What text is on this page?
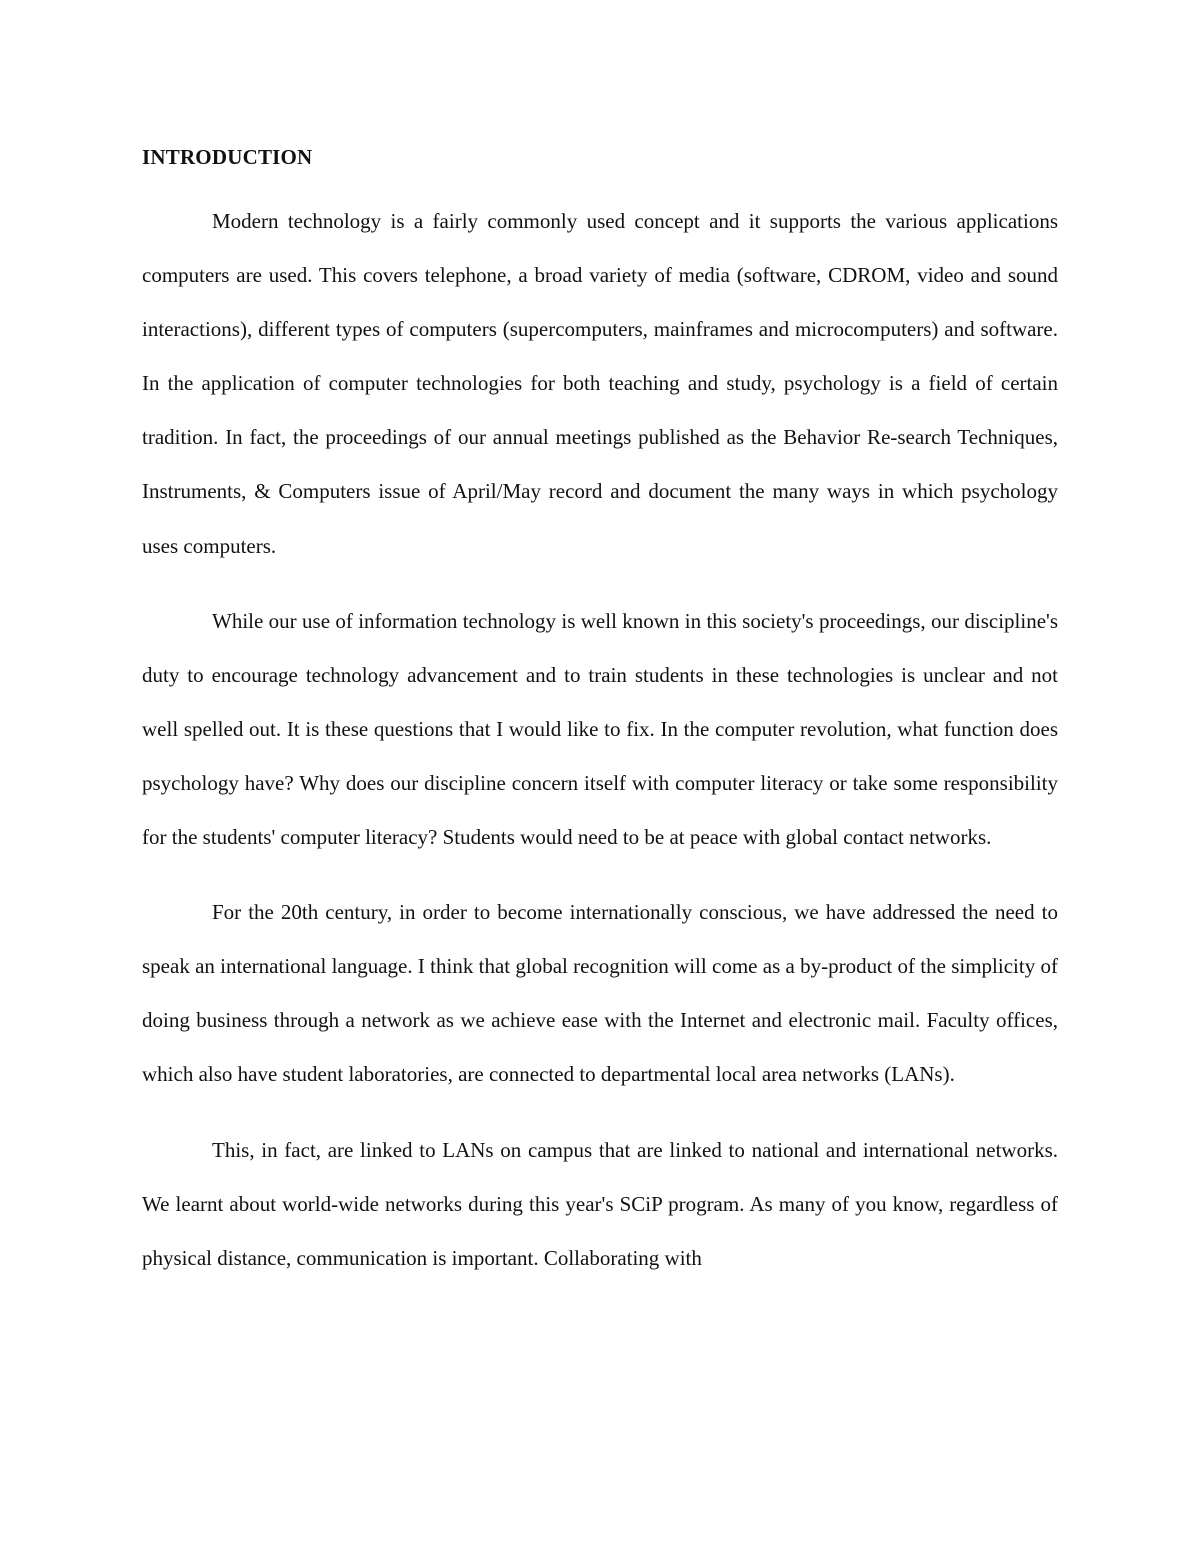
INTRODUCTION

Modern technology is a fairly commonly used concept and it supports the various applications computers are used. This covers telephone, a broad variety of media (software, CDROM, video and sound interactions), different types of computers (supercomputers, mainframes and microcomputers) and software. In the application of computer technologies for both teaching and study, psychology is a field of certain tradition. In fact, the proceedings of our annual meetings published as the Behavior Re-search Techniques, Instruments, & Computers issue of April/May record and document the many ways in which psychology uses computers.

While our use of information technology is well known in this society's proceedings, our discipline's duty to encourage technology advancement and to train students in these technologies is unclear and not well spelled out. It is these questions that I would like to fix. In the computer revolution, what function does psychology have? Why does our discipline concern itself with computer literacy or take some responsibility for the students' computer literacy? Students would need to be at peace with global contact networks.

For the 20th century, in order to become internationally conscious, we have addressed the need to speak an international language. I think that global recognition will come as a by-product of the simplicity of doing business through a network as we achieve ease with the Internet and electronic mail. Faculty offices, which also have student laboratories, are connected to departmental local area networks (LANs).

This, in fact, are linked to LANs on campus that are linked to national and international networks. We learnt about world-wide networks during this year's SCiP program. As many of you know, regardless of physical distance, communication is important. Collaborating with
